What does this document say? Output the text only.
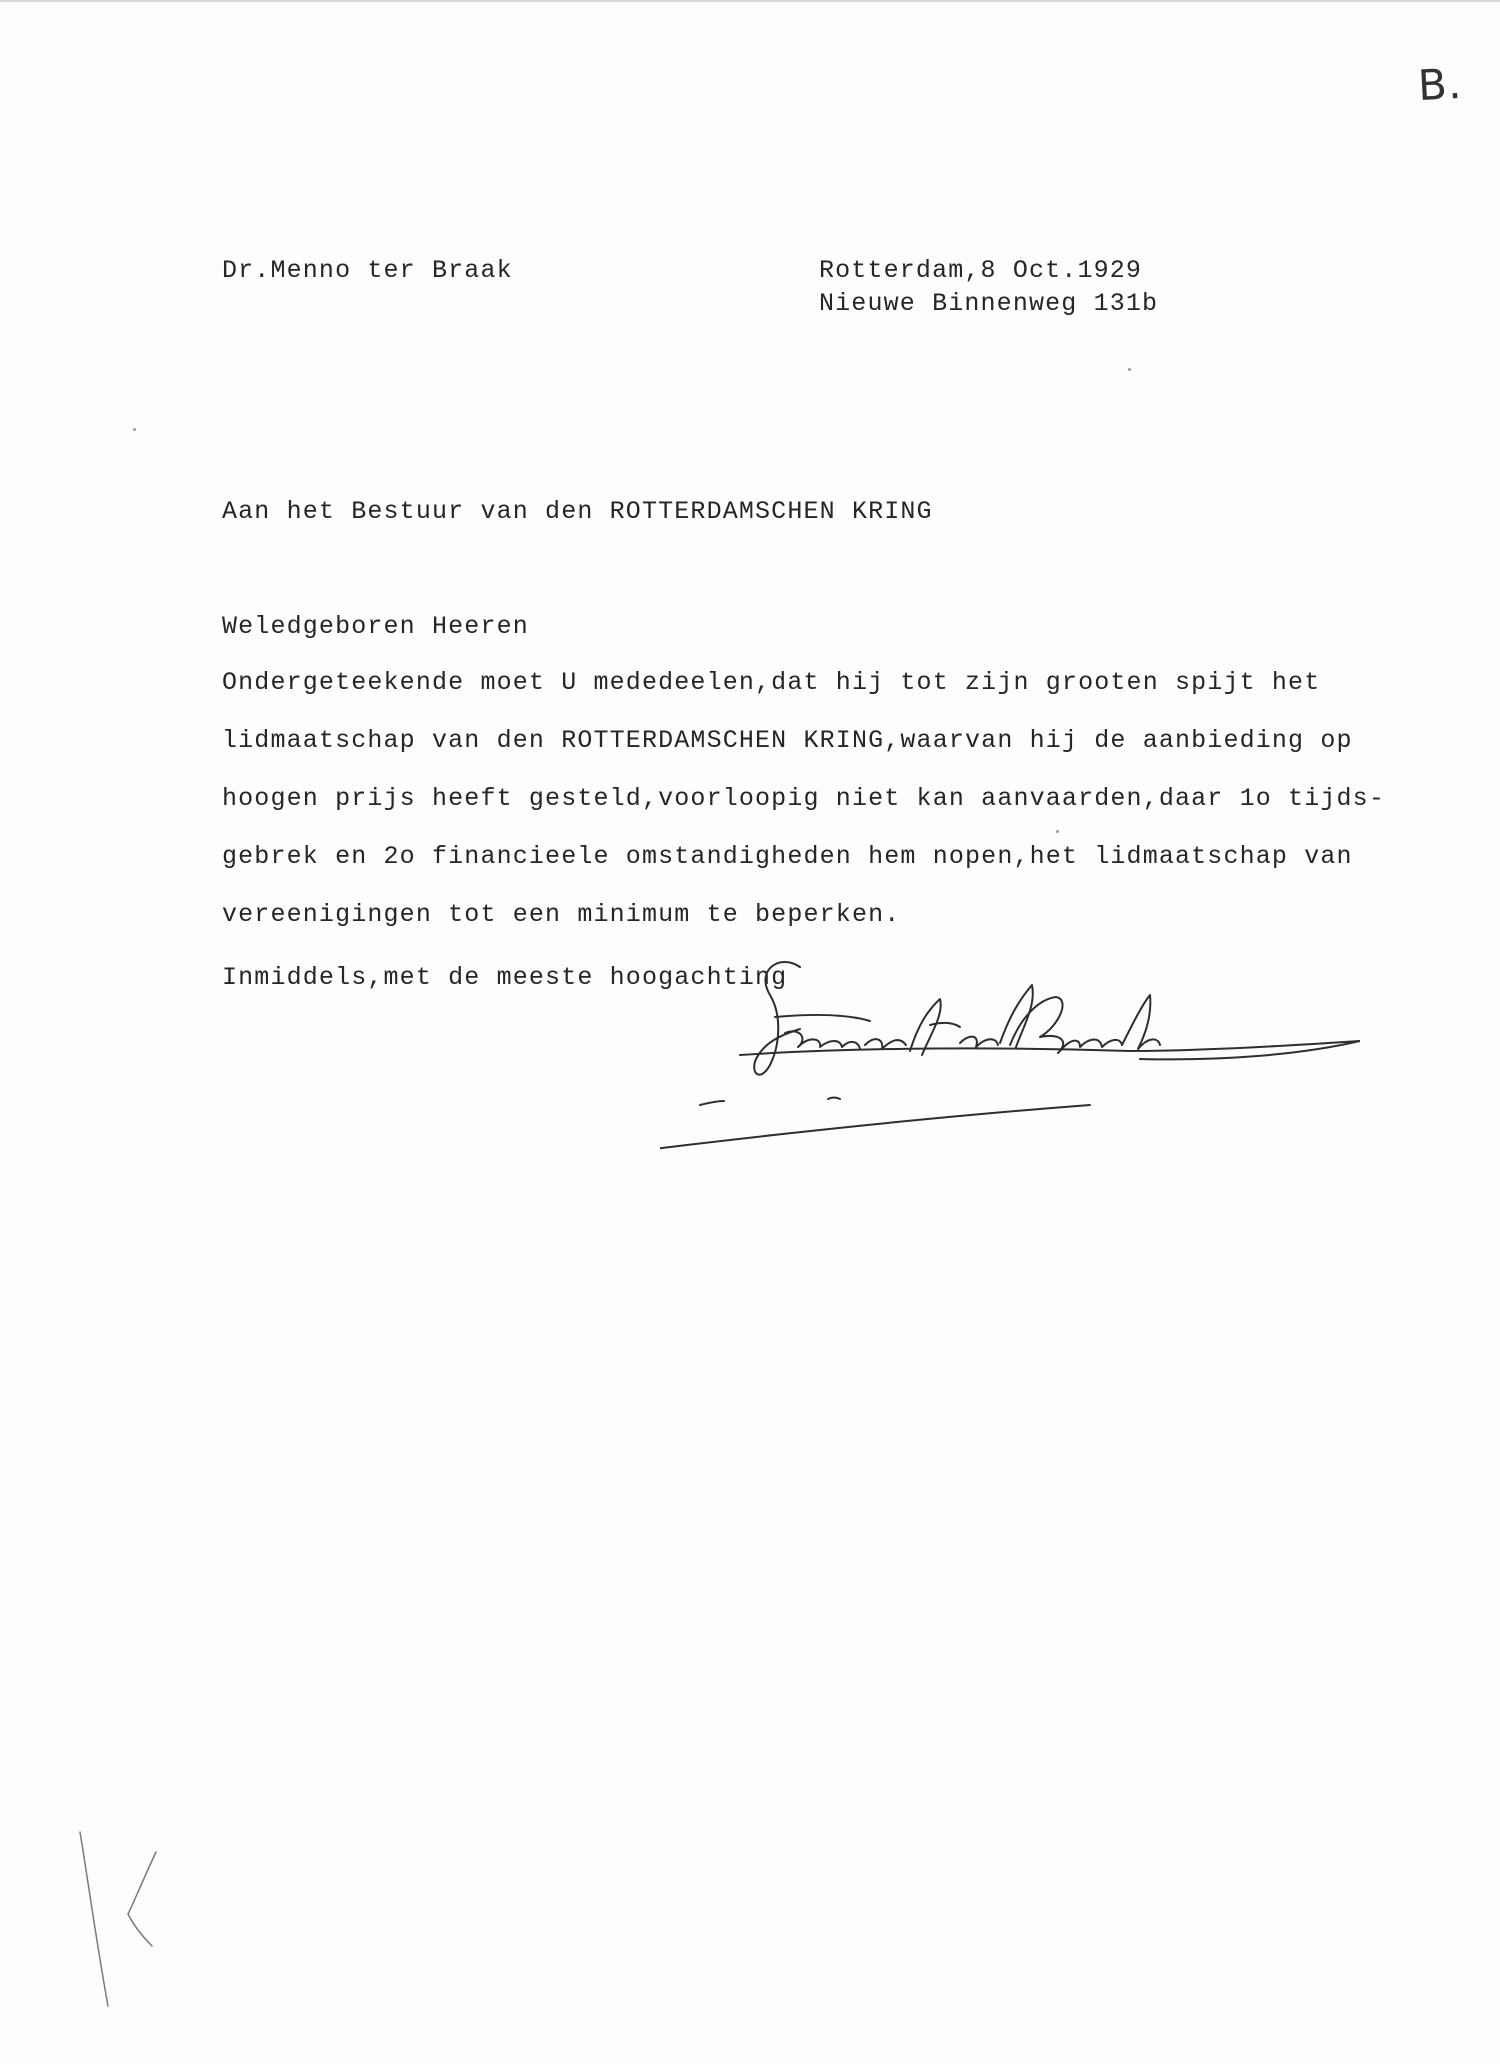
B.
Dr.Menno ter Braak	Rotterdam,8 Oct.1929
Nieuwe Binnenweg 131b
Aan het Bestuur van den ROTTERDAMSCHEN KRING
Weledgeboren Heeren
Ondergeteekende moet U mededeelen,dat hij tot zijn grooten spijt het
lidmaatschap van den ROTTERDAMSCHEN KRING,waarvan hij de aanbieding op
hoogen prijs heeft gesteld,voorloopig niet kan aanvaarden,daar 1o tijds-
gebrek en 2o financieele omstandigheden hem nopen,het lidmaatschap van
vereenigingen tot een minimum te beperken.
Inmiddels,met de meeste hoogachting
